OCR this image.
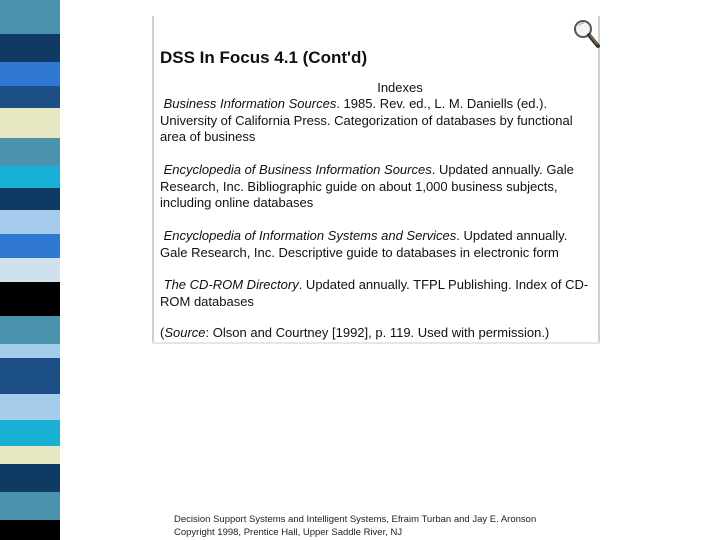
DSS In Focus 4.1 (Cont'd)
Indexes
Business Information Sources. 1985. Rev. ed., L. M. Daniells (ed.). University of California Press. Categorization of databases by functional area of business
Encyclopedia of Business Information Sources. Updated annually. Gale Research, Inc. Bibliographic guide on about 1,000 business subjects, including online databases
Encyclopedia of Information Systems and Services. Updated annually. Gale Research, Inc. Descriptive guide to databases in electronic form
The CD-ROM Directory. Updated annually. TFPL Publishing. Index of CD-ROM databases
(Source: Olson and Courtney [1992], p. 119. Used with permission.)
Decision Support Systems and Intelligent Systems, Efraim Turban and Jay E. Aronson
Copyright 1998, Prentice Hall, Upper Saddle River, NJ
